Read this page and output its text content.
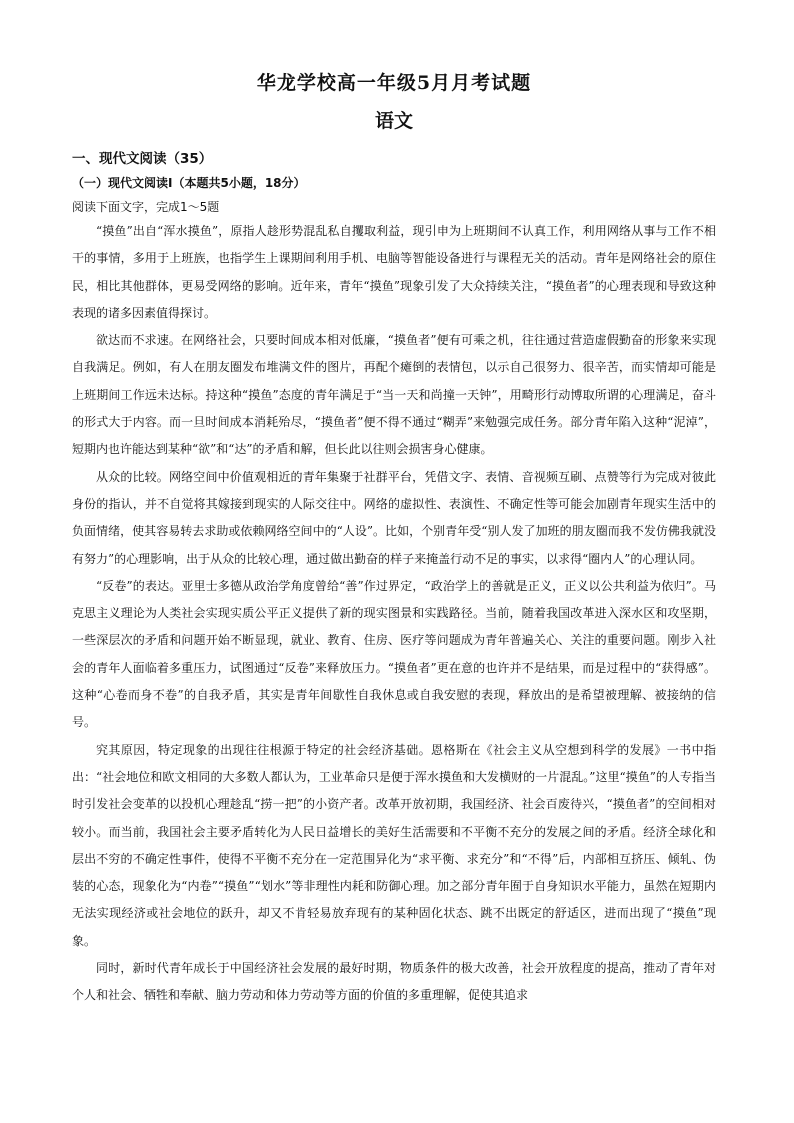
华龙学校高一年级5月月考试题
语文
一、现代文阅读（35）
（一）现代文阅读Ⅰ（本题共5小题，18分）
阅读下面文字，完成1～5题

“摸鱼”出自“浑水摸鱼”，原指人趁形势混乱私自攫取利益，现引申为上班期间不认真工作，利用网络从事与工作不相干的事情，多用于上班族，也指学生上课期间利用手机、电脑等智能设备进行与课程无关的活动。青年是网络社会的原住民，相比其他群体，更易受网络的影响。近年来，青年“摸鱼”现象引发了大众持续关注，“摸鱼者”的心理表现和导致这种表现的诸多因素值得探讨。

欲达而不求速。在网络社会，只要时间成本相对低廉，“摸鱼者”便有可乘之机，往往通过营造虚假勤奋的形象来实现自我满足。例如，有人在朋友圈发布堆满文件的图片，再配个瘫倒的表情包，以示自己很努力、很辛苦，而实情却可能是上班期间工作远未达标。持这种“摸鱼”态度的青年满足于“当一天和尚撞一天钟”，用畸形行动博取所谓的心理满足，奋斗的形式大于内容。而一旦时间成本消耗殆尽，“摸鱼者”便不得不通过“糊弄”来勉强完成任务。部分青年陷入这种“泥淖”，短期内也许能达到某种“欲”和“达”的矛盾和解，但长此以往则会损害身心健康。

从众的比较。网络空间中价值观相近的青年集聚于社群平台，凭借文字、表情、音视频互刷、点赞等行为完成对彼此身份的指认，并不自觉将其嫁接到现实的人际交往中。网络的虚拟性、表演性、不确定性等可能会加剧青年现实生活中的负面情绪，使其容易转去求助或依赖网络空间中的“人设”。比如，个别青年受“别人发了加班的朋友圈而我不发仿佛我就没有努力”的心理影响，出于从众的比较心理，通过做出勤奋的样子来掩盖行动不足的事实，以求得“圈内人”的心理认同。

“反卷”的表达。亚里士多德从政治学角度曾给“善”作过界定，“政治学上的善就是正义，正义以公共利益为依归”。马克思主义理论为人类社会实现实质公平正义提供了新的现实图景和实践路径。当前，随着我国改革进入深水区和攻坚期，一些深层次的矛盾和问题开始不断显现，就业、教育、住房、医疗等问题成为青年普遍关心、关注的重要问题。刚步入社会的青年人面临着多重压力，试图通过“反卷”来释放压力。“摸鱼者”更在意的也许并不是结果，而是过程中的“获得感”。这种“心卷而身不卷”的自我矛盾，其实是青年间歇性自我休息或自我安慰的表现，释放出的是希望被理解、被接纳的信号。

究其原因，特定现象的出现往往根源于特定的社会经济基础。恩格斯在《社会主义从空想到科学的发展》一书中指出：“社会地位和欧文相同的大多数人都认为，工业革命只是便于浑水摸鱼和大发横财的一片混乱。”这里“摸鱼”的人专指当时引发社会变革的以投机心理趁乱“捞一把”的小资产者。改革开放初期，我国经济、社会百废待兴，“摸鱼者”的空间相对较小。而当前，我国社会主要矛盾转化为人民日益增长的美好生活需要和不平衡不充分的发展之间的矛盾。经济全球化和层出不穷的不确定性事件，使得不平衡不充分在一定范围异化为“求平衡、求充分”和“不得”后，内部相互挤压、倾轧、伪装的心态，现象化为“内卷”“摸鱼”“划水”等非理性内耗和防御心理。加之部分青年囿于自身知识水平能力，虽然在短期内无法实现经济或社会地位的跃升，却又不肯轻易放弃现有的某种固化状态、跳不出既定的舒适区，进而出现了“摸鱼”现象。

同时，新时代青年成长于中国经济社会发展的最好时期，物质条件的极大改善，社会开放程度的提高，推动了青年对个人和社会、牺牲和奉献、脑力劳动和体力劳动等方面的价值的多重理解，促使其追求
